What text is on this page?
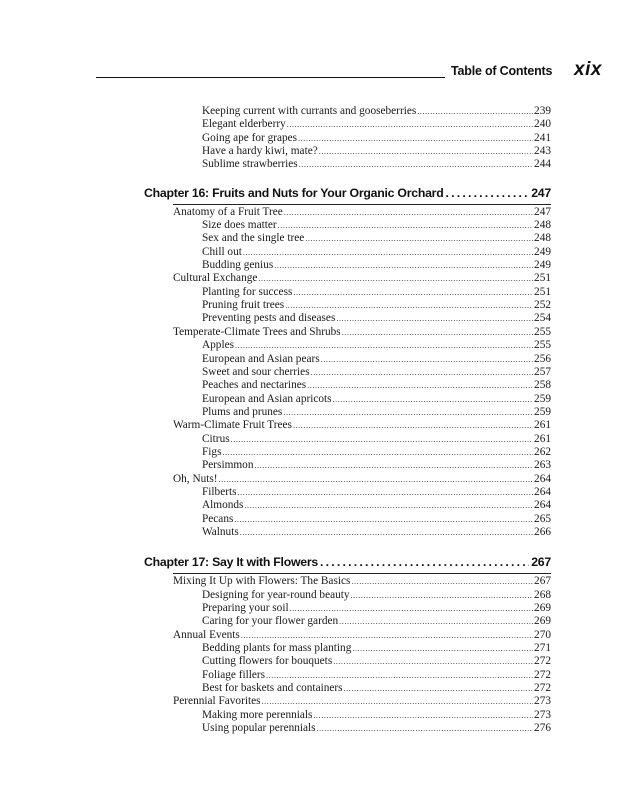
Table of Contents xix
Keeping current with currants and gooseberries .....	239
Elegant elderberry .....	240
Going ape for grapes .....	241
Have a hardy kiwi, mate? .....	243
Sublime strawberries .....	244
Chapter 16: Fruits and Nuts for Your Organic Orchard .....	247
Anatomy of a Fruit Tree .....	247
Size does matter .....	248
Sex and the single tree .....	248
Chill out .....	249
Budding genius .....	249
Cultural Exchange .....	251
Planting for success .....	251
Pruning fruit trees .....	252
Preventing pests and diseases .....	254
Temperate-Climate Trees and Shrubs .....	255
Apples .....	255
European and Asian pears .....	256
Sweet and sour cherries .....	257
Peaches and nectarines .....	258
European and Asian apricots .....	259
Plums and prunes .....	259
Warm-Climate Fruit Trees .....	261
Citrus .....	261
Figs .....	262
Persimmon .....	263
Oh, Nuts! .....	264
Filberts .....	264
Almonds .....	264
Pecans .....	265
Walnuts .....	266
Chapter 17: Say It with Flowers .....	267
Mixing It Up with Flowers: The Basics .....	267
Designing for year-round beauty .....	268
Preparing your soil .....	269
Caring for your flower garden .....	269
Annual Events .....	270
Bedding plants for mass planting .....	271
Cutting flowers for bouquets .....	272
Foliage fillers .....	272
Best for baskets and containers .....	272
Perennial Favorites .....	273
Making more perennials .....	273
Using popular perennials .....	276
